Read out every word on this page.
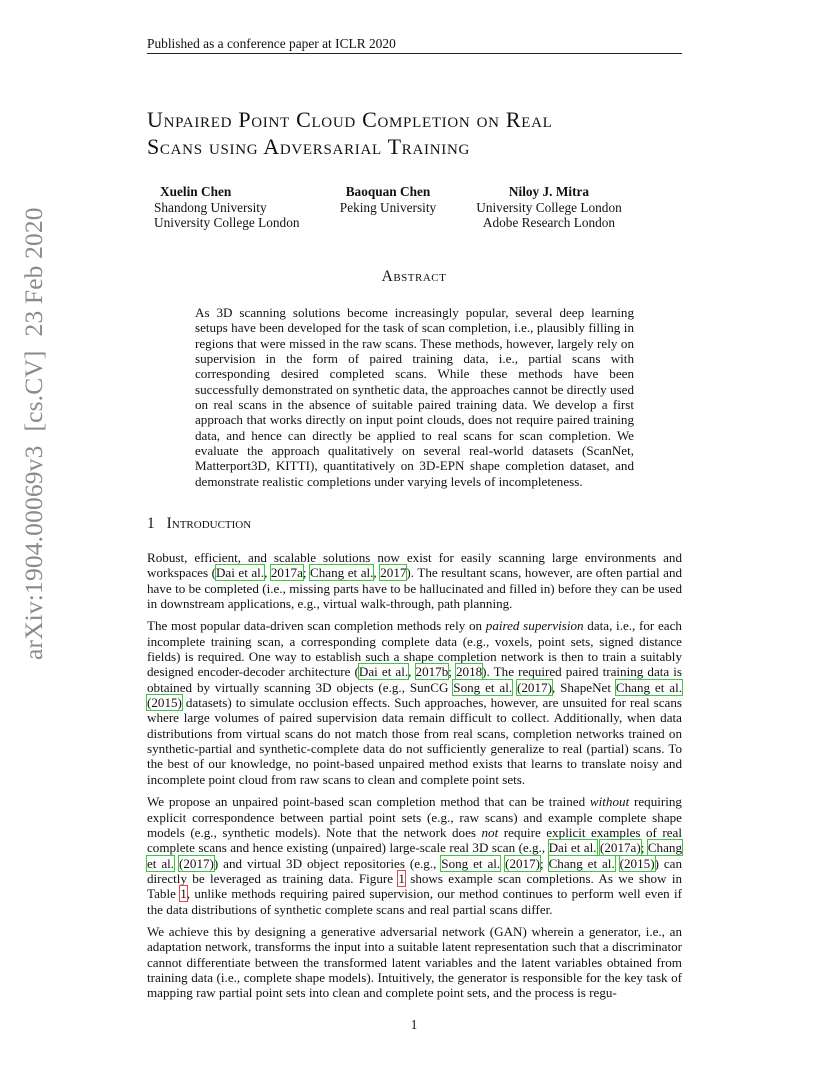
Published as a conference paper at ICLR 2020
arXiv:1904.00069v3[cs.CV]23 Feb 2020
Unpaired Point Cloud Completion on Real
Scans using Adversarial Training
Xuelin Chen
Shandong University
University College London
Baoquan Chen
Peking University
Niloy J. Mitra
University College London
Adobe Research London
Abstract
As 3D scanning solutions become increasingly popular, several deep learning setups have been developed for the task of scan completion, i.e., plausibly filling in regions that were missed in the raw scans. These methods, however, largely rely on supervision in the form of paired training data, i.e., partial scans with corresponding desired completed scans. While these methods have been successfully demonstrated on synthetic data, the approaches cannot be directly used on real scans in the absence of suitable paired training data. We develop a first approach that works directly on input point clouds, does not require paired training data, and hence can directly be applied to real scans for scan completion. We evaluate the approach qualitatively on several real-world datasets (ScanNet, Matterport3D, KITTI), quantitatively on 3D-EPN shape completion dataset, and demonstrate realistic completions under varying levels of incompleteness.
1 Introduction

Robust, efficient, and scalable solutions now exist for easily scanning large environments and workspaces (Dai et al., 2017a; Chang et al., 2017). The resultant scans, however, are often partial and have to be completed (i.e., missing parts have to be hallucinated and filled in) before they can be used in downstream applications, e.g., virtual walk-through, path planning.

The most popular data-driven scan completion methods rely on paired supervision data, i.e., for each incomplete training scan, a corresponding complete data (e.g., voxels, point sets, signed distance fields) is required. One way to establish such a shape completion network is then to train a suitably designed encoder-decoder architecture (Dai et al., 2017b; 2018). The required paired training data is obtained by virtually scanning 3D objects (e.g., SunCG Song et al. (2017), ShapeNet Chang et al. (2015) datasets) to simulate occlusion effects. Such approaches, however, are unsuited for real scans where large volumes of paired supervision data remain difficult to collect. Additionally, when data distributions from virtual scans do not match those from real scans, completion networks trained on synthetic-partial and synthetic-complete data do not sufficiently generalize to real (partial) scans. To the best of our knowledge, no point-based unpaired method exists that learns to translate noisy and incomplete point cloud from raw scans to clean and complete point sets.

We propose an unpaired point-based scan completion method that can be trained without requiring explicit correspondence between partial point sets (e.g., raw scans) and example complete shape models (e.g., synthetic models). Note that the network does not require explicit examples of real complete scans and hence existing (unpaired) large-scale real 3D scan (e.g., Dai et al. (2017a); Chang et al. (2017)) and virtual 3D object repositories (e.g., Song et al. (2017); Chang et al. (2015)) can directly be leveraged as training data. Figure 1 shows example scan completions. As we show in Table 1, unlike methods requiring paired supervision, our method continues to perform well even if the data distributions of synthetic complete scans and real partial scans differ.

We achieve this by designing a generative adversarial network (GAN) wherein a generator, i.e., an adaptation network, transforms the input into a suitable latent representation such that a discriminator cannot differentiate between the transformed latent variables and the latent variables obtained from training data (i.e., complete shape models). Intuitively, the generator is responsible for the key task of mapping raw partial point sets into clean and complete point sets, and the process is regu-

1
